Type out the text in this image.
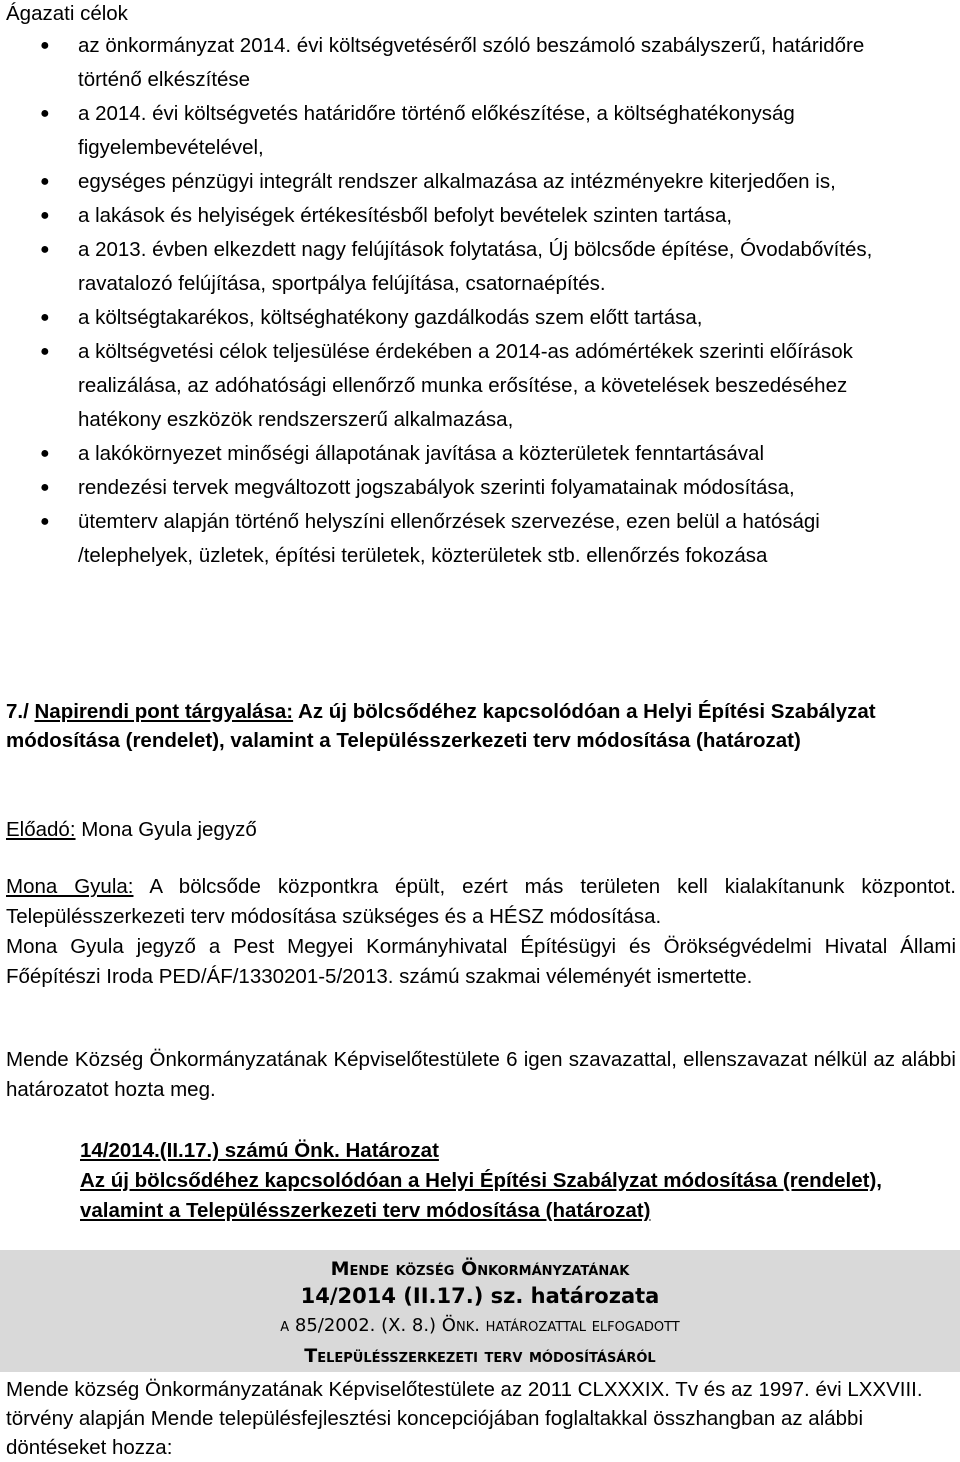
Ágazati célok
● az önkormányzat 2014. évi költségvetéséről szóló beszámoló szabályszerű, határidőre történő elkészítése
● a 2014. évi költségvetés határidőre történő előkészítése, a költséghatékonyság figyelembevételével,
● egységes pénzügyi integrált rendszer alkalmazása az intézményekre kiterjedően is,
● a lakások és helyiségek értékesítésből befolyt bevételek szinten tartása,
● a 2013. évben elkezdett nagy felújítások folytatása, Új bölcsőde építése, Óvodabővítés, ravatalozó felújítása, sportpálya felújítása, csatornaépítés.
● a költségtakarékos, költséghatékony gazdálkodás szem előtt tartása,
● a költségvetési célok teljesülése érdekében a 2014-as adómértékek szerinti előírások realizálása, az adóhatósági ellenőrző munka erősítése, a követelések beszedéséhez hatékony eszközök rendszerszerű alkalmazása,
● a lakókörnyezet minőségi állapotának javítása a közterületek fenntartásával
● rendezési tervek megváltozott jogszabályok szerinti folyamatainak módosítása,
● ütemterv alapján történő helyszíni ellenőrzések szervezése, ezen belül a hatósági /telephelyek, üzletek, építési területek, közterületek stb. ellenőrzés fokozása
7./ Napirendi pont tárgyalása: Az új bölcsődéhez kapcsolódóan a Helyi Építési Szabályzat módosítása (rendelet), valamint a Településszerkezeti terv módosítása (határozat)
Előadó: Mona Gyula jegyző
Mona Gyula: A bölcsőde központkra épült, ezért más területen kell kialakítanunk központot. Településszerkezeti terv módosítása szükséges és a HÉSZ módosítása.
Mona Gyula jegyző a Pest Megyei Kormányhivatal Építésügyi és Örökségvédelmi Hivatal Állami Főépítészi Iroda PED/ÁF/1330201-5/2013. számú szakmai véleményét ismertette.
Mende Község Önkormányzatának Képviselőtestülete 6 igen szavazattal, ellenszavazat nélkül az alábbi határozatot hozta meg.
14/2014.(II.17.) számú Önk. Határozat
Az új bölcsődéhez kapcsolódóan a Helyi Építési Szabályzat módosítása (rendelet), valamint a Településszerkezeti terv módosítása (határozat)
Mende község Önkormányzatának
14/2014 (II.17.) sz. határozata
a 85/2002. (X. 8.) Önk. határozattal elfogadott
Településszerkezeti terv módosításáról
Mende község Önkormányzatának Képviselőtestülete az 2011 CLXXXIX. Tv és az 1997. évi LXXVIII. törvény alapján Mende településfejlesztési koncepciójában foglaltakkal összhangban az alábbi döntéseket hozza:
